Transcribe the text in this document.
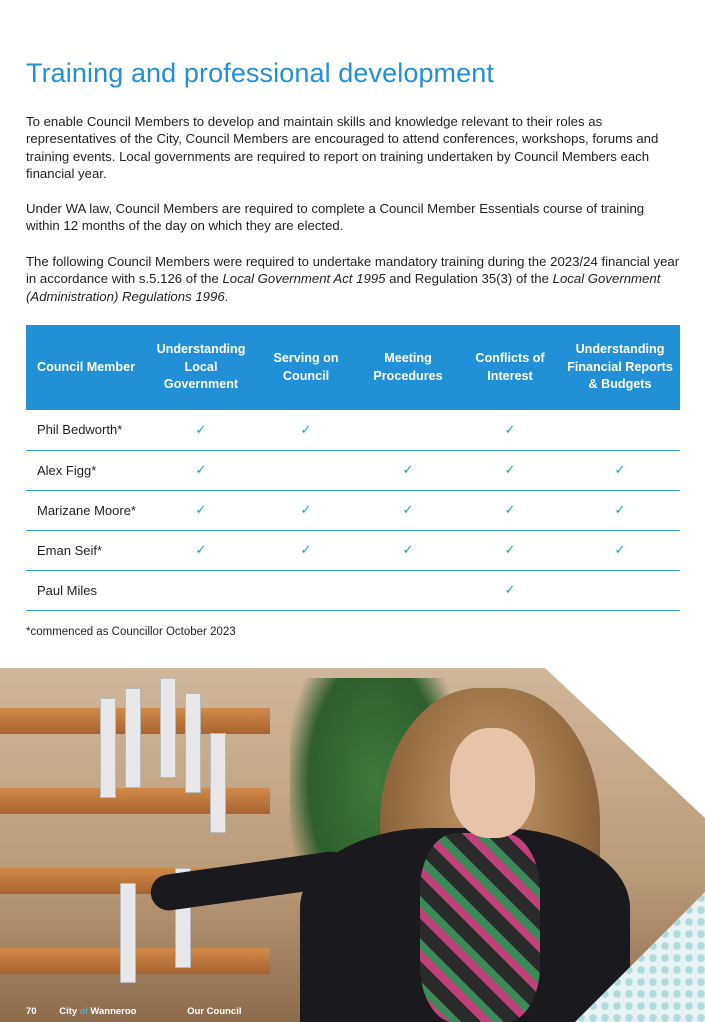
Training and professional development

To enable Council Members to develop and maintain skills and knowledge relevant to their roles as representatives of the City, Council Members are encouraged to attend conferences, workshops, forums and training events. Local governments are required to report on training undertaken by Council Members each financial year.

Under WA law, Council Members are required to complete a Council Member Essentials course of training within 12 months of the day on which they are elected.

The following Council Members were required to undertake mandatory training during the 2023/24 financial year in accordance with s.5.126 of the Local Government Act 1995 and Regulation 35(3) of the Local Government (Administration) Regulations 1996.

Council Member	Understanding Local Government	Serving on Council	Meeting Procedures	Conflicts of Interest	Understanding Financial Reports & Budgets
Phil Bedworth*	✓	✓		✓	
Alex Figg*	✓		✓	✓	✓
Marizane Moore*	✓	✓	✓	✓	✓
Eman Seif*	✓	✓	✓	✓	✓
Paul Miles				✓	

*commenced as Councillor October 2023

70 City of Wanneroo	Our Council
